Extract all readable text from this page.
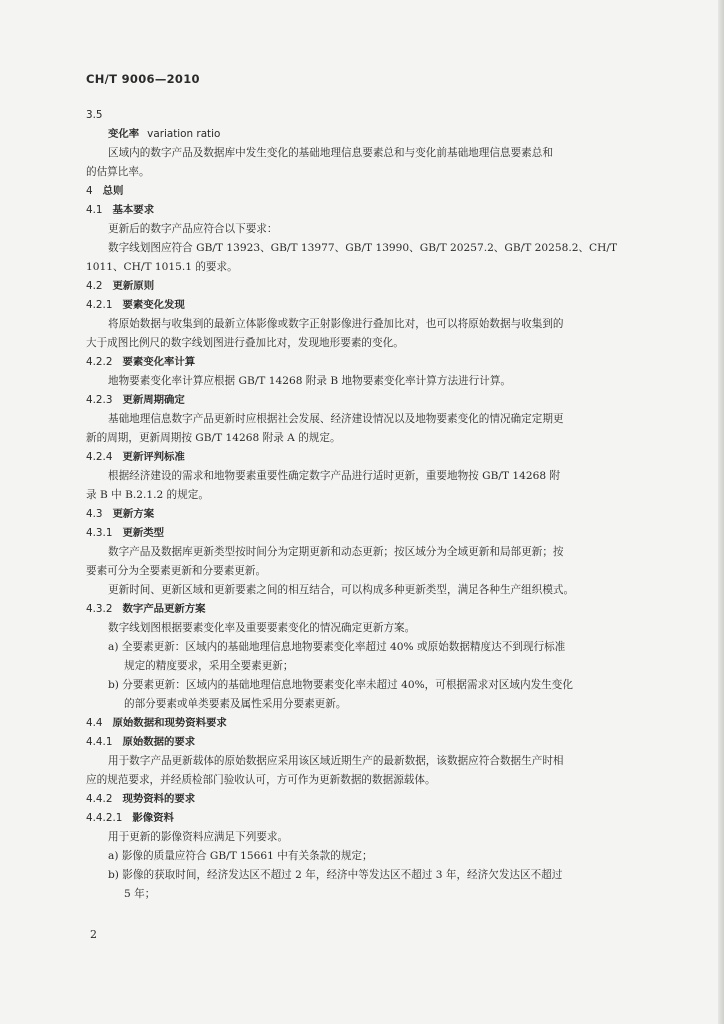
CH/T 9006—2010
3.5
变化率 variation ratio
区域内的数字产品及数据库中发生变化的基础地理信息要素总和与变化前基础地理信息要素总和
的估算比率。
4 总则
4.1 基本要求
更新后的数字产品应符合以下要求：
数字线划图应符合 GB/T 13923、GB/T 13977、GB/T 13990、GB/T 20257.2、GB/T 20258.2、CH/T
1011、CH/T 1015.1 的要求。
4.2 更新原则
4.2.1 要素变化发现
将原始数据与收集到的最新立体影像或数字正射影像进行叠加比对，也可以将原始数据与收集到的
大于成图比例尺的数字线划图进行叠加比对，发现地形要素的变化。
4.2.2 要素变化率计算
地物要素变化率计算应根据 GB/T 14268 附录 B 地物要素变化率计算方法进行计算。
4.2.3 更新周期确定
基础地理信息数字产品更新时应根据社会发展、经济建设情况以及地物要素变化的情况确定定期更
新的周期，更新周期按 GB/T 14268 附录 A 的规定。
4.2.4 更新评判标准
根据经济建设的需求和地物要素重要性确定数字产品进行适时更新，重要地物按 GB/T 14268 附
录 B 中 B.2.1.2 的规定。
4.3 更新方案
4.3.1 更新类型
数字产品及数据库更新类型按时间分为定期更新和动态更新；按区域分为全域更新和局部更新；按
要素可分为全要素更新和分要素更新。
更新时间、更新区域和更新要素之间的相互结合，可以构成多种更新类型，满足各种生产组织模式。
4.3.2 数字产品更新方案
数字线划图根据要素变化率及重要要素变化的情况确定更新方案。
a) 全要素更新：区域内的基础地理信息地物要素变化率超过 40% 或原始数据精度达不到现行标准
规定的精度要求，采用全要素更新；
b) 分要素更新：区域内的基础地理信息地物要素变化率未超过 40%，可根据需求对区域内发生变化
的部分要素或单类要素及属性采用分要素更新。
4.4 原始数据和现势资料要求
4.4.1 原始数据的要求
用于数字产品更新载体的原始数据应采用该区域近期生产的最新数据，该数据应符合数据生产时相
应的规范要求，并经质检部门验收认可，方可作为更新数据的数据源载体。
4.4.2 现势资料的要求
4.4.2.1 影像资料
用于更新的影像资料应满足下列要求。
a) 影像的质量应符合 GB/T 15661 中有关条款的规定；
b) 影像的获取时间，经济发达区不超过 2 年，经济中等发达区不超过 3 年，经济欠发达区不超过
5 年；
2
